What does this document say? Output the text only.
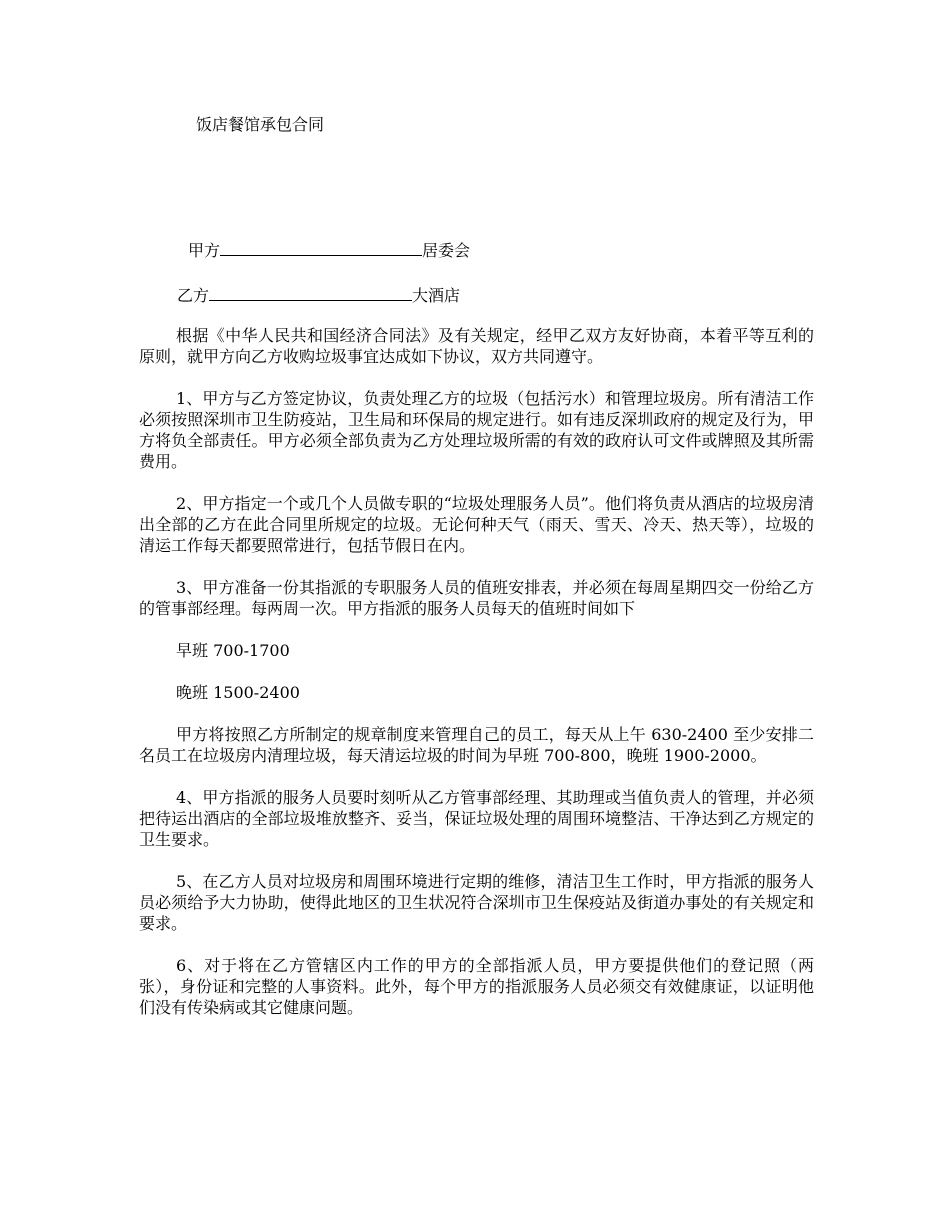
饭店餐馆承包合同
甲方	居委会
乙方	大酒店

根据《中华人民共和国经济合同法》及有关规定，经甲乙双方友好协商，本着平等互利的原则，就甲方向乙方收购垃圾事宜达成如下协议，双方共同遵守。

1、甲方与乙方签定协议，负责处理乙方的垃圾（包括污水）和管理垃圾房。所有清洁工作必须按照深圳市卫生防疫站，卫生局和环保局的规定进行。如有违反深圳政府的规定及行为，甲方将负全部责任。甲方必须全部负责为乙方处理垃圾所需的有效的政府认可文件或牌照及其所需费用。

2、甲方指定一个或几个人员做专职的“垃圾处理服务人员”。他们将负责从酒店的垃圾房清出全部的乙方在此合同里所规定的垃圾。无论何种天气（雨天、雪天、冷天、热天等），垃圾的清运工作每天都要照常进行，包括节假日在内。

3、甲方准备一份其指派的专职服务人员的值班安排表，并必须在每周星期四交一份给乙方的管事部经理。每两周一次。甲方指派的服务人员每天的值班时间如下

早班 700-1700

晚班 1500-2400

甲方将按照乙方所制定的规章制度来管理自己的员工，每天从上午 630-2400 至少安排二名员工在垃圾房内清理垃圾，每天清运垃圾的时间为早班 700-800，晚班 1900-2000。

4、甲方指派的服务人员要时刻听从乙方管事部经理、其助理或当值负责人的管理，并必须把待运出酒店的全部垃圾堆放整齐、妥当，保证垃圾处理的周围环境整洁、干净达到乙方规定的卫生要求。

5、在乙方人员对垃圾房和周围环境进行定期的维修，清洁卫生工作时，甲方指派的服务人员必须给予大力协助，使得此地区的卫生状况符合深圳市卫生保疫站及街道办事处的有关规定和要求。

6、对于将在乙方管辖区内工作的甲方的全部指派人员，甲方要提供他们的登记照（两张），身份证和完整的人事资料。此外，每个甲方的指派服务人员必须交有效健康证，以证明他们没有传染病或其它健康问题。
